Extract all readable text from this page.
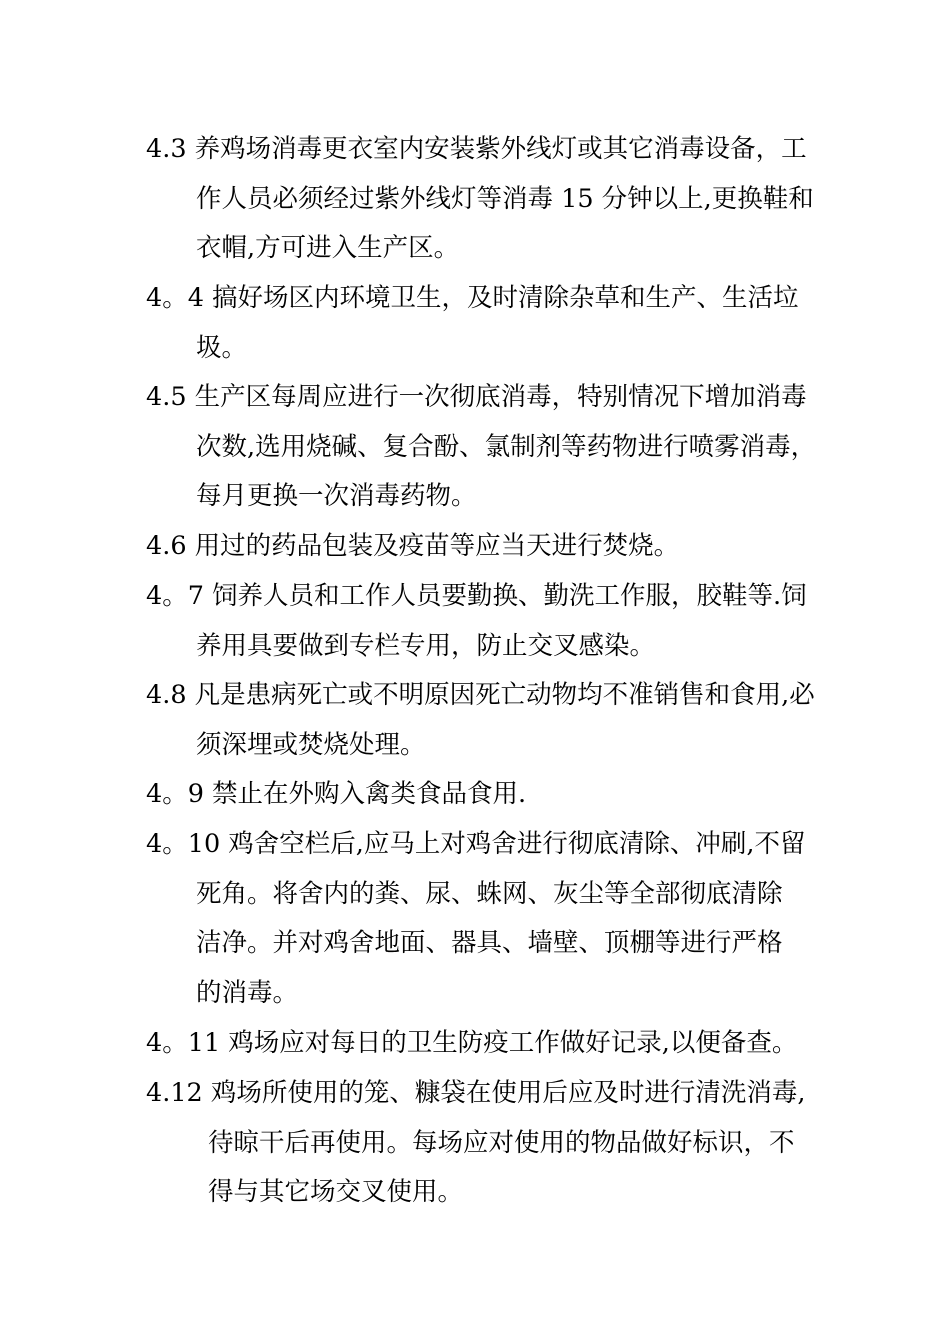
4.3 养鸡场消毒更衣室内安装紫外线灯或其它消毒设备，工
作人员必须经过紫外线灯等消毒 15 分钟以上,更换鞋和
衣帽,方可进入生产区。
4。4 搞好场区内环境卫生，及时清除杂草和生产、生活垃
圾。
4.5 生产区每周应进行一次彻底消毒，特别情况下增加消毒
次数,选用烧碱、复合酚、氯制剂等药物进行喷雾消毒，
每月更换一次消毒药物。
4.6 用过的药品包装及疫苗等应当天进行焚烧。
4。7 饲养人员和工作人员要勤换、勤洗工作服，胶鞋等.饲
养用具要做到专栏专用，防止交叉感染。
4.8 凡是患病死亡或不明原因死亡动物均不准销售和食用,必
须深埋或焚烧处理。
4。9 禁止在外购入禽类食品食用.
4。10 鸡舍空栏后,应马上对鸡舍进行彻底清除、冲刷,不留
死角。将舍内的粪、尿、蛛网、灰尘等全部彻底清除
洁净。并对鸡舍地面、器具、墙壁、顶棚等进行严格
的消毒。
4。11 鸡场应对每日的卫生防疫工作做好记录,以便备查。
4.12 鸡场所使用的笼、糠袋在使用后应及时进行清洗消毒,
待晾干后再使用。每场应对使用的物品做好标识，不
得与其它场交叉使用。
